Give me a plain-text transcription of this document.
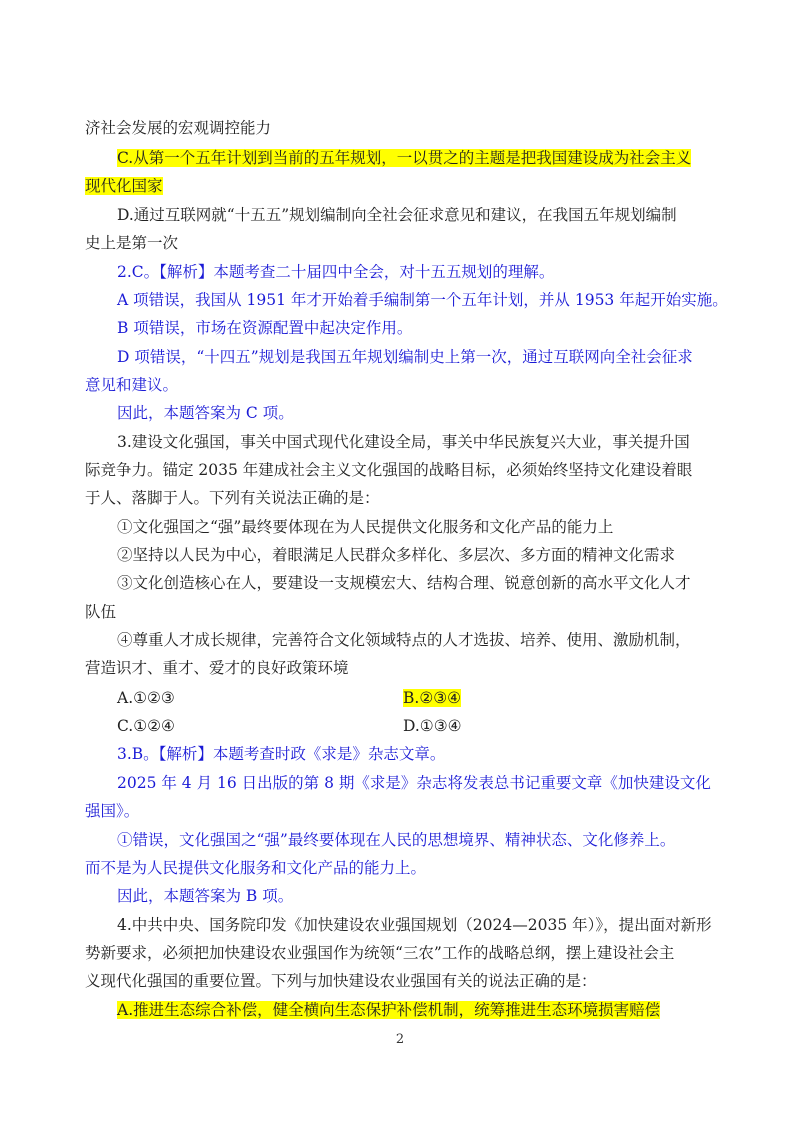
济社会发展的宏观调控能力
C.从第一个五年计划到当前的五年规划，一以贯之的主题是把我国建设成为社会主义
现代化国家
D.通过互联网就“十五五”规划编制向全社会征求意见和建议，在我国五年规划编制
史上是第一次
2.C。【解析】本题考查二十届四中全会，对十五五规划的理解。
A 项错误，我国从 1951 年才开始着手编制第一个五年计划，并从 1953 年起开始实施。
B 项错误，市场在资源配置中起决定作用。
D 项错误，“十四五”规划是我国五年规划编制史上第一次，通过互联网向全社会征求
意见和建议。
因此，本题答案为 C 项。
3.建设文化强国，事关中国式现代化建设全局，事关中华民族复兴大业，事关提升国
际竞争力。锚定 2035 年建成社会主义文化强国的战略目标，必须始终坚持文化建设着眼
于人、落脚于人。下列有关说法正确的是：
①文化强国之“强”最终要体现在为人民提供文化服务和文化产品的能力上
②坚持以人民为中心，着眼满足人民群众多样化、多层次、多方面的精神文化需求
③文化创造核心在人，要建设一支规模宏大、结构合理、锐意创新的高水平文化人才
队伍
④尊重人才成长规律，完善符合文化领域特点的人才选拔、培养、使用、激励机制，
营造识才、重才、爱才的良好政策环境
A.①②③	B.②③④
C.①②④	D.①③④
3.B。【解析】本题考查时政《求是》杂志文章。
2025 年 4 月 16 日出版的第 8 期《求是》杂志将发表总书记重要文章《加快建设文化
强国》。
①错误，文化强国之“强”最终要体现在人民的思想境界、精神状态、文化修养上。
而不是为人民提供文化服务和文化产品的能力上。
因此，本题答案为 B 项。
4.中共中央、国务院印发《加快建设农业强国规划（2024—2035 年）》，提出面对新形
势新要求，必须把加快建设农业强国作为统领“三农”工作的战略总纲，摆上建设社会主
义现代化强国的重要位置。下列与加快建设农业强国有关的说法正确的是：
A.推进生态综合补偿，健全横向生态保护补偿机制，统筹推进生态环境损害赔偿
2
